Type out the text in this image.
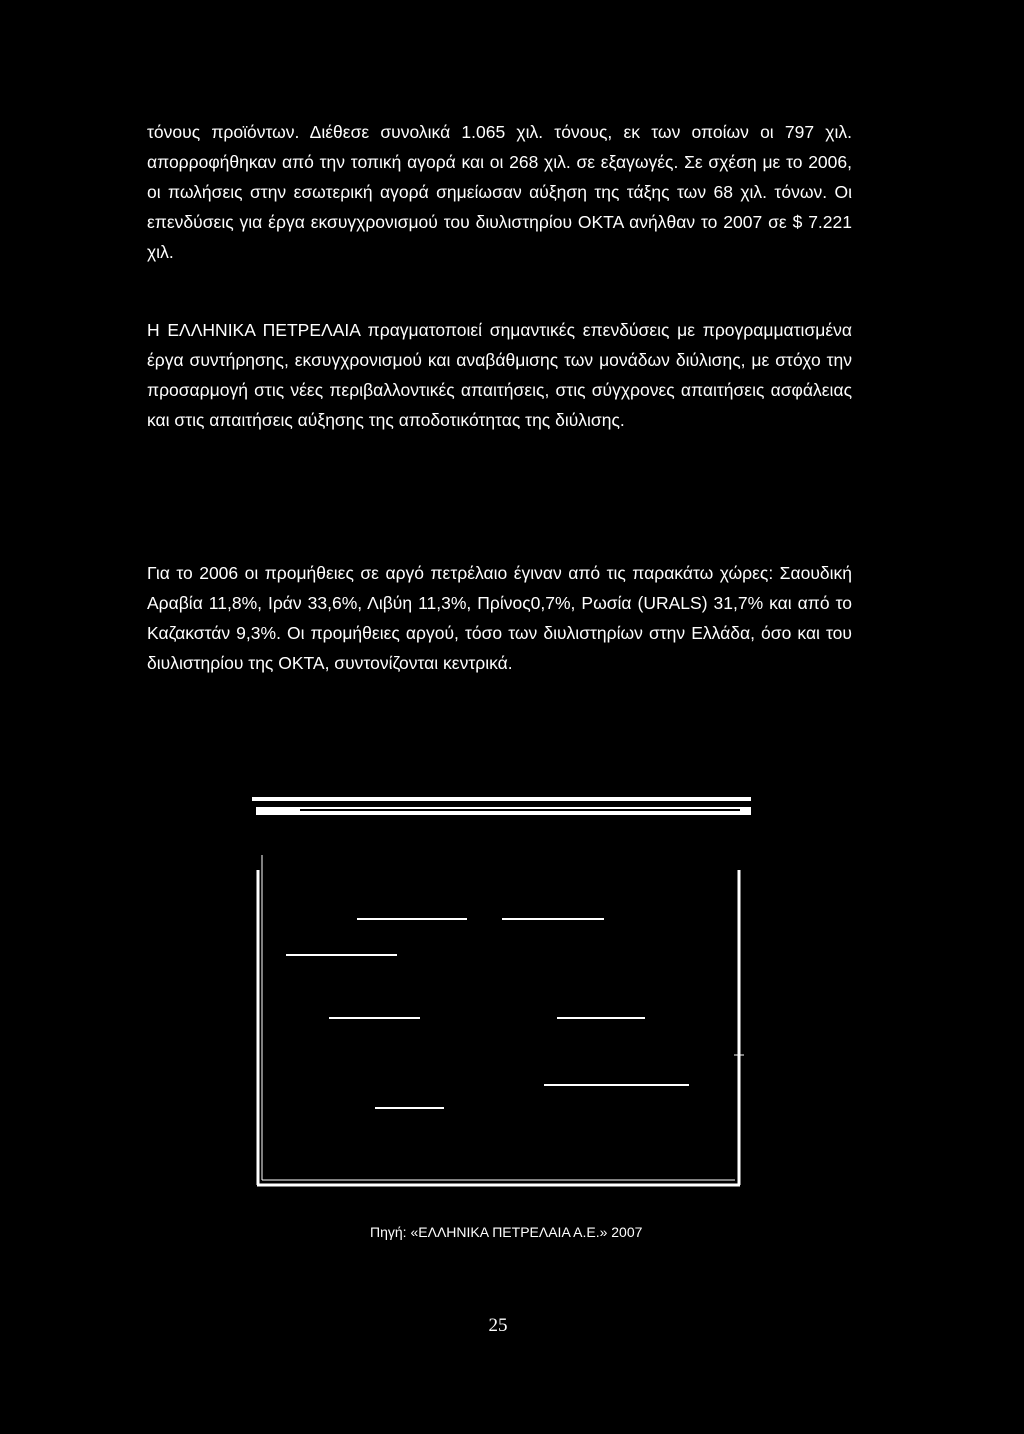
τόνους προϊόντων. Διέθεσε συνολικά 1.065 χιλ. τόνους, εκ των οποίων οι 797 χιλ. απορροφήθηκαν από την τοπική αγορά και οι 268 χιλ. σε εξαγωγές. Σε σχέση με το 2006, οι πωλήσεις στην εσωτερική αγορά σημείωσαν αύξηση της τάξης των 68 χιλ. τόνων. Οι επενδύσεις για έργα εκσυγχρονισμού του διυλιστηρίου ΟΚΤΑ ανήλθαν το 2007 σε $ 7.221 χιλ.

Η ΕΛΛΗΝΙΚΑ ΠΕΤΡΕΛΑΙΑ πραγματοποιεί σημαντικές επενδύσεις με προγραμματισμένα έργα συντήρησης, εκσυγχρονισμού και αναβάθμισης των μονάδων διύλισης, με στόχο την προσαρμογή στις νέες περιβαλλοντικές απαιτήσεις, στις σύγχρονες απαιτήσεις ασφάλειας και στις απαιτήσεις αύξησης της αποδοτικότητας της διύλισης.

Για το 2006 οι προμήθειες σε αργό πετρέλαιο έγιναν από τις παρακάτω χώρες: Σαουδική Αραβία 11,8%, Ιράν 33,6%, Λιβύη 11,3%, Πρίνος0,7%, Ρωσία (URALS) 31,7% και από το Καζακστάν 9,3%. Οι προμήθειες αργού, τόσο των διυλιστηρίων στην Ελλάδα, όσο και του διυλιστηρίου της ΟΚΤΑ, συντονίζονται κεντρικά.

Πηγή: «ΕΛΛΗΝΙΚΑ ΠΕΤΡΕΛΑΙΑ Α.Ε.» 2007
25
